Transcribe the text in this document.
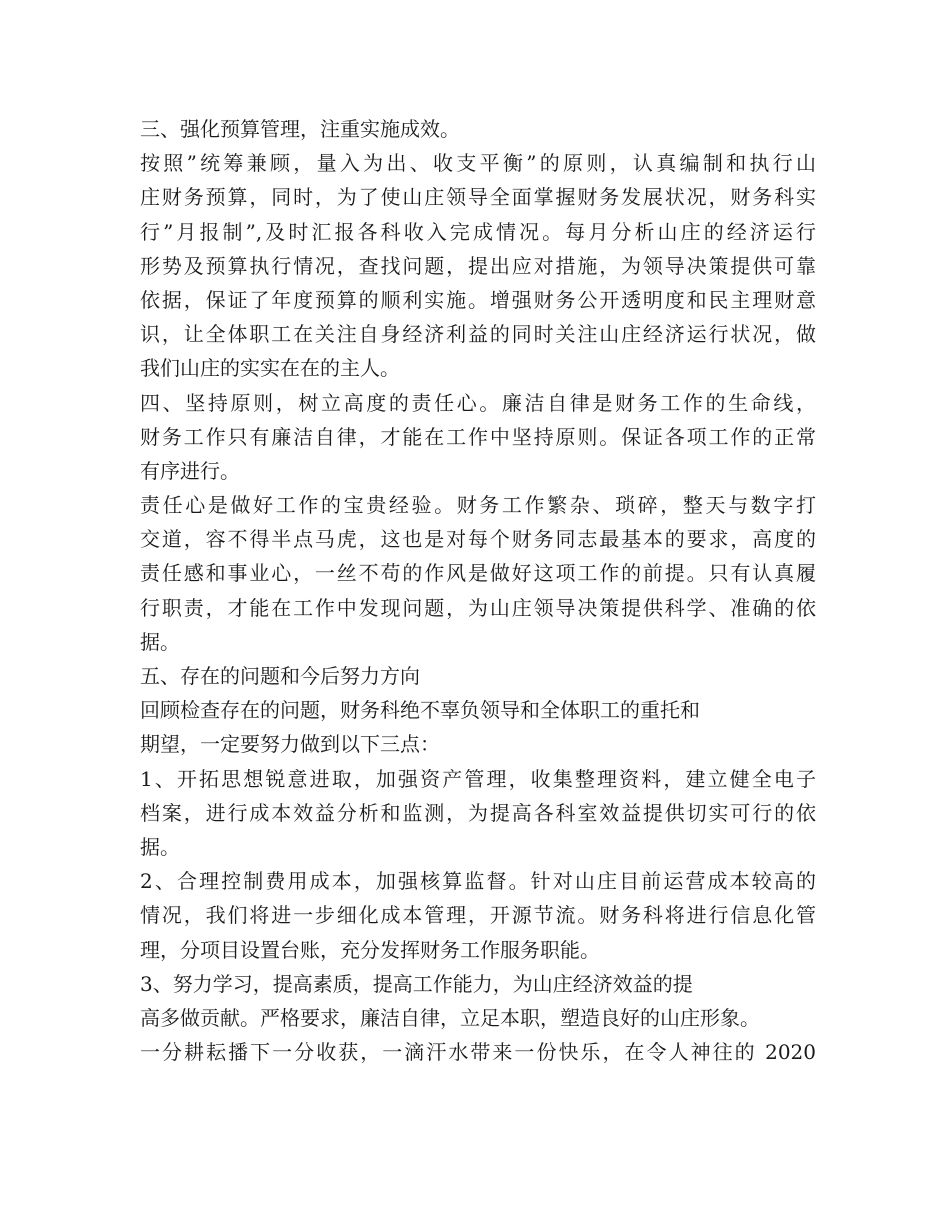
三、强化预算管理，注重实施成效。
按照”统筹兼顾，量入为出、收支平衡”的原则，认真编制和执行山
庄财务预算，同时，为了使山庄领导全面掌握财务发展状况，财务科实
行”月报制”,及时汇报各科收入完成情况。每月分析山庄的经济运行
形势及预算执行情况，查找问题，提出应对措施，为领导决策提供可靠
依据，保证了年度预算的顺利实施。增强财务公开透明度和民主理财意
识，让全体职工在关注自身经济利益的同时关注山庄经济运行状况，做
我们山庄的实实在在的主人。
四、坚持原则，树立高度的责任心。廉洁自律是财务工作的生命线，
财务工作只有廉洁自律，才能在工作中坚持原则。保证各项工作的正常
有序进行。
责任心是做好工作的宝贵经验。财务工作繁杂、琐碎，整天与数字打
交道，容不得半点马虎，这也是对每个财务同志最基本的要求，高度的
责任感和事业心，一丝不苟的作风是做好这项工作的前提。只有认真履
行职责，才能在工作中发现问题，为山庄领导决策提供科学、准确的依
据。
五、存在的问题和今后努力方向
回顾检查存在的问题，财务科绝不辜负领导和全体职工的重托和
期望，一定要努力做到以下三点：
1、开拓思想锐意进取，加强资产管理，收集整理资料，建立健全电子
档案，进行成本效益分析和监测，为提高各科室效益提供切实可行的依
据。
2、合理控制费用成本，加强核算监督。针对山庄目前运营成本较高的
情况，我们将进一步细化成本管理，开源节流。财务科将进行信息化管
理，分项目设置台账，充分发挥财务工作服务职能。
3、努力学习，提高素质，提高工作能力，为山庄经济效益的提
高多做贡献。严格要求，廉洁自律，立足本职，塑造良好的山庄形象。
一分耕耘播下一分收获，一滴汗水带来一份快乐，在令人神往的 2020
